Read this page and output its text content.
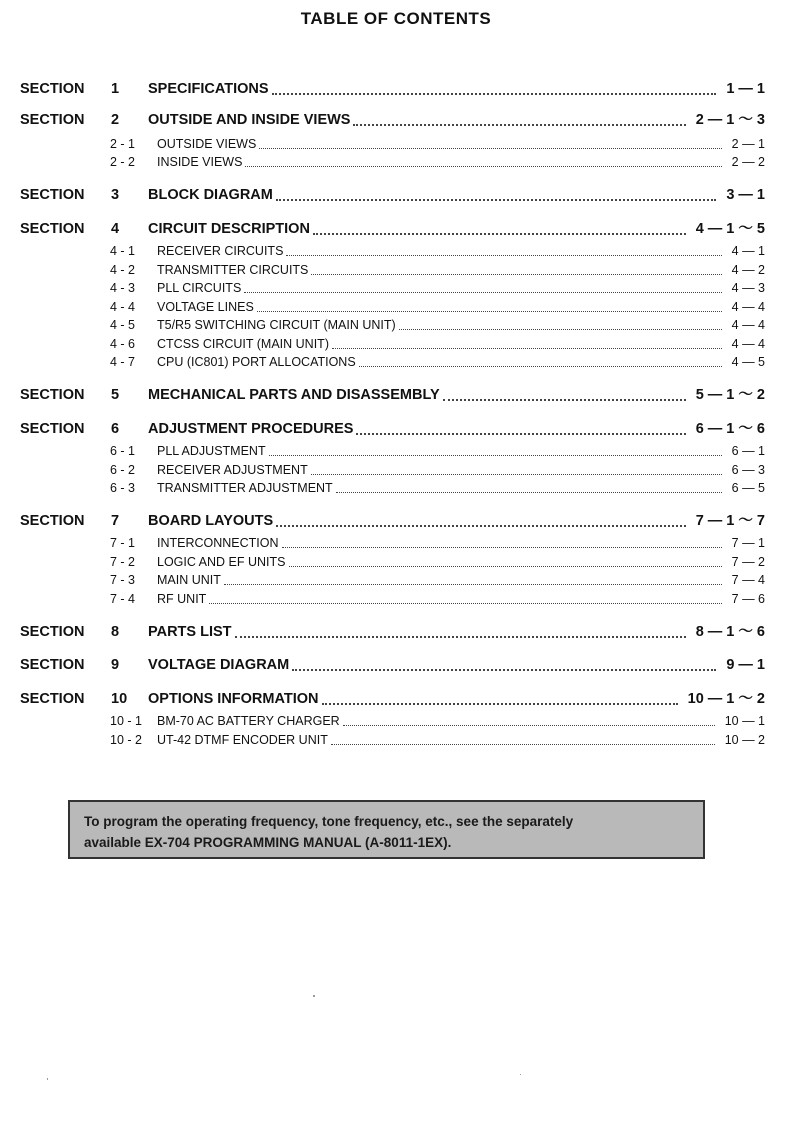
TABLE OF CONTENTS
SECTION 1 SPECIFICATIONS	1 — 1
SECTION 2 OUTSIDE AND INSIDE VIEWS	2 — 1 ～ 3
2 - 1 OUTSIDE VIEWS	2 — 1
2 - 2 INSIDE VIEWS	2 — 2
SECTION 3 BLOCK DIAGRAM	3 — 1
SECTION 4 CIRCUIT DESCRIPTION	4 — 1 ～ 5
4 - 1 RECEIVER CIRCUITS	4 — 1
4 - 2 TRANSMITTER CIRCUITS	4 — 2
4 - 3 PLL CIRCUITS	4 — 3
4 - 4 VOLTAGE LINES	4 — 4
4 - 5 T5/R5 SWITCHING CIRCUIT (MAIN UNIT)	4 — 4
4 - 6 CTCSS CIRCUIT (MAIN UNIT)	4 — 4
4 - 7 CPU (IC801) PORT ALLOCATIONS	4 — 5
SECTION 5 MECHANICAL PARTS AND DISASSEMBLY	5 — 1 ～ 2
SECTION 6 ADJUSTMENT PROCEDURES	6 — 1 ～ 6
6 - 1 PLL ADJUSTMENT	6 — 1
6 - 2 RECEIVER ADJUSTMENT	6 — 3
6 - 3 TRANSMITTER ADJUSTMENT	6 — 5
SECTION 7 BOARD LAYOUTS	7 — 1 ～ 7
7 - 1 INTERCONNECTION	7 — 1
7 - 2 LOGIC AND EF UNITS	7 — 2
7 - 3 MAIN UNIT	7 — 4
7 - 4 RF UNIT	7 — 6
SECTION 8 PARTS LIST	8 — 1 ～ 6
SECTION 9 VOLTAGE DIAGRAM	9 — 1
SECTION 10 OPTIONS INFORMATION	10 — 1 ～ 2
10 - 1 BM-70 AC BATTERY CHARGER	10 — 1
10 - 2 UT-42 DTMF ENCODER UNIT	10 — 2
To program the operating frequency, tone frequency, etc., see the separately
available EX-704 PROGRAMMING MANUAL (A-8011-1EX).
